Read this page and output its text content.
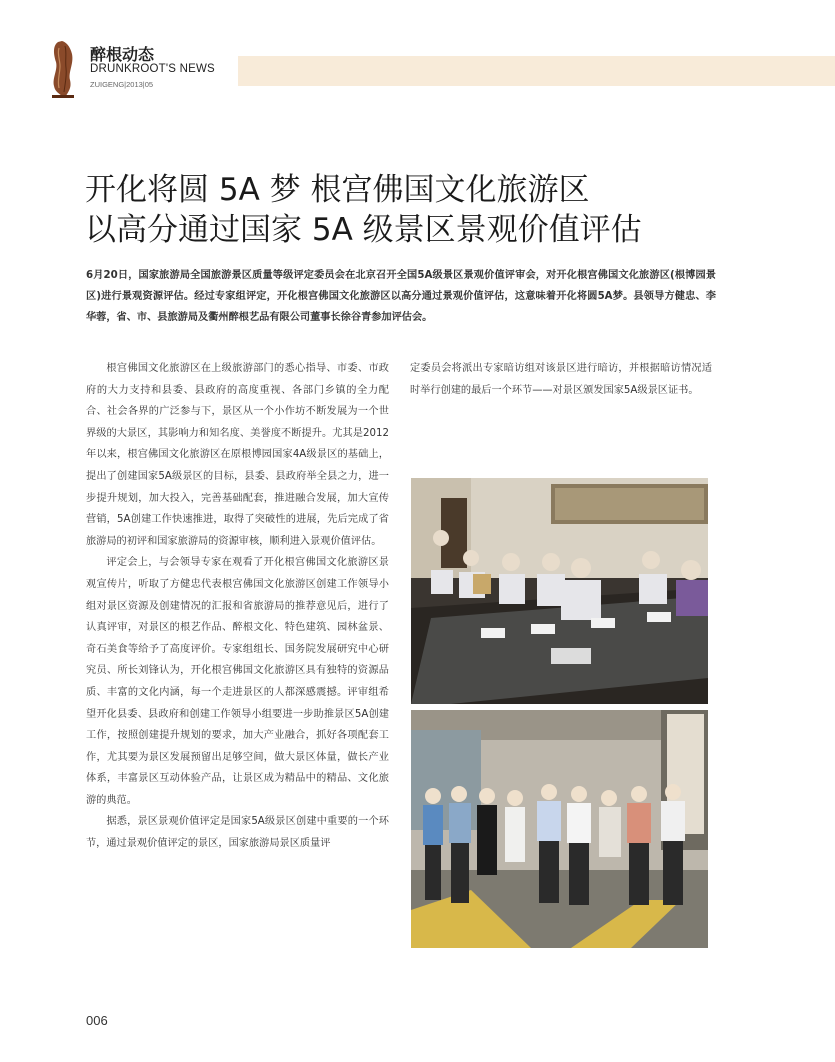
醉根动态
DRUNKROOT'S NEWS
ZUIGENG|2013|05
开化将圆 5A 梦 根宫佛国文化旅游区
以高分通过国家 5A 级景区景观价值评估
6月20日，国家旅游局全国旅游景区质量等级评定委员会在北京召开全国5A级景区景观价值评审会，对开化根宫佛国文化旅游区(根博园景区)进行景观资源评估。经过专家组评定，开化根宫佛国文化旅游区以高分通过景观价值评估，这意味着开化将圆5A梦。县领导方健忠、李华蓉，省、市、县旅游局及衢州醉根艺品有限公司董事长徐谷青参加评估会。

根宫佛国文化旅游区在上级旅游部门的悉心指导、市委、市政府的大力支持和县委、县政府的高度重视、各部门乡镇的全力配合、社会各界的广泛参与下，景区从一个小作坊不断发展为一个世界级的大景区，其影响力和知名度、美誉度不断提升。尤其是2012年以来，根宫佛国文化旅游区在原根博园国家4A级景区的基础上，提出了创建国家5A级景区的目标，县委、县政府举全县之力，进一步提升规划，加大投入，完善基础配套，推进融合发展，加大宣传营销，5A创建工作快速推进，取得了突破性的进展，先后完成了省旅游局的初评和国家旅游局的资源审核，顺利进入景观价值评估。

评定会上，与会领导专家在观看了开化根宫佛国文化旅游区景观宣传片，听取了方健忠代表根宫佛国文化旅游区创建工作领导小组对景区资源及创建情况的汇报和省旅游局的推荐意见后，进行了认真评审，对景区的根艺作品、醉根文化、特色建筑、园林盆景、奇石美食等给予了高度评价。专家组组长、国务院发展研究中心研究员、所长刘锋认为，开化根宫佛国文化旅游区具有独特的资源品质、丰富的文化内涵，每一个走进景区的人都深感震撼。评审组希望开化县委、县政府和创建工作领导小组要进一步助推景区5A创建工作，按照创建提升规划的要求，加大产业融合，抓好各项配套工作，尤其要为景区发展预留出足够空间，做大景区体量，做长产业体系，丰富景区互动体验产品，让景区成为精品中的精品、文化旅游的典范。

据悉，景区景观价值评定是国家5A级景区创建中重要的一个环节，通过景观价值评定的景区，国家旅游局景区质量评

定委员会将派出专家暗访组对该景区进行暗访，并根据暗访情况适时举行创建的最后一个环节——对景区颁发国家5A级景区证书。

006
